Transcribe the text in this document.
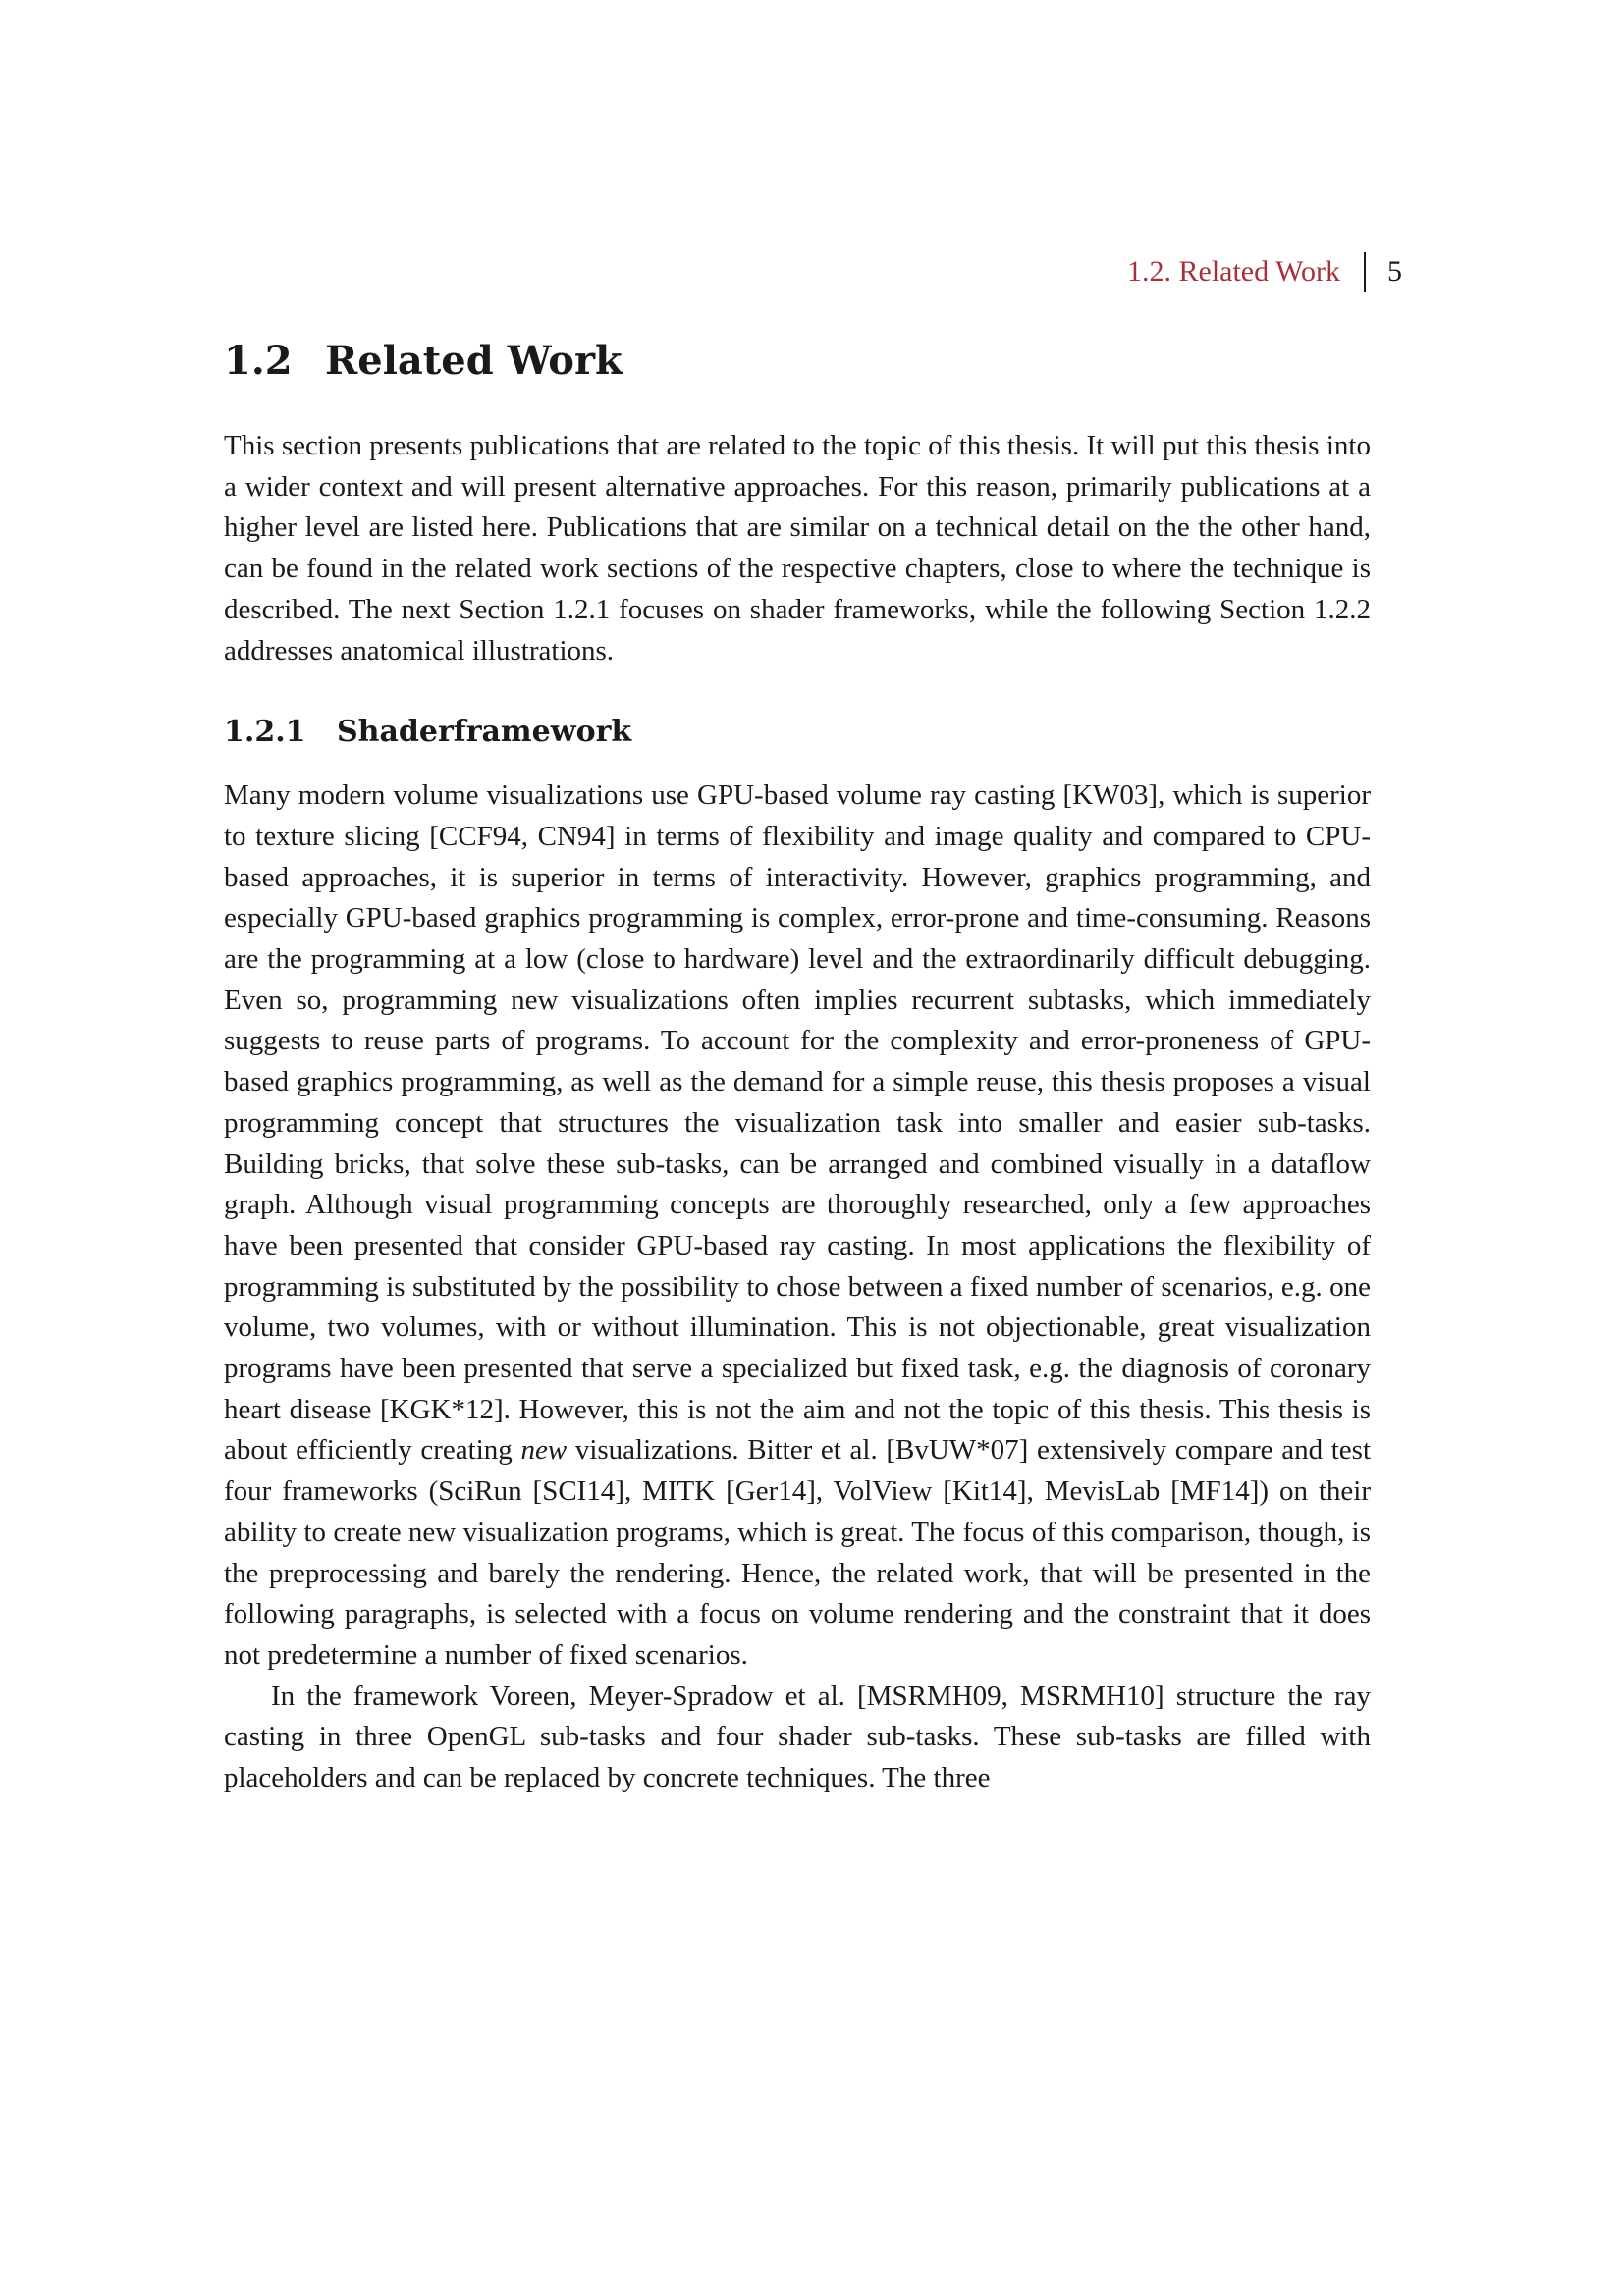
1.2. Related Work 5
1.2 Related Work

This section presents publications that are related to the topic of this thesis. It will put this thesis into a wider context and will present alternative approaches. For this reason, primarily publications at a higher level are listed here. Publications that are similar on a technical detail on the the other hand, can be found in the related work sections of the respective chapters, close to where the technique is described. The next Section 1.2.1 focuses on shader frameworks, while the following Section 1.2.2 addresses anatomical illustrations.

1.2.1 Shaderframework

Many modern volume visualizations use GPU-based volume ray casting [KW03], which is superior to texture slicing [CCF94, CN94] in terms of flexibility and image quality and compared to CPU-based approaches, it is superior in terms of interactivity. However, graphics programming, and especially GPU-based graphics programming is complex, error-prone and time-consuming. Reasons are the programming at a low (close to hardware) level and the extraordinarily difficult debugging. Even so, programming new visualizations often implies recurrent subtasks, which immediately suggests to reuse parts of programs. To account for the complexity and error-proneness of GPU-based graphics programming, as well as the demand for a simple reuse, this thesis proposes a visual programming concept that structures the visualization task into smaller and easier sub-tasks. Building bricks, that solve these sub-tasks, can be arranged and combined visually in a dataflow graph. Although visual programming concepts are thoroughly researched, only a few approaches have been presented that consider GPU-based ray casting. In most applications the flexibility of programming is substituted by the possibility to chose between a fixed number of scenarios, e.g. one volume, two volumes, with or without illumination. This is not objectionable, great visualization programs have been presented that serve a specialized but fixed task, e.g. the diagnosis of coronary heart disease [KGK*12]. However, this is not the aim and not the topic of this thesis. This thesis is about efficiently creating new visualizations. Bitter et al. [BvUW*07] extensively compare and test four frameworks (SciRun [SCI14], MITK [Ger14], VolView [Kit14], MevisLab [MF14]) on their ability to create new visualization programs, which is great. The focus of this comparison, though, is the preprocessing and barely the rendering. Hence, the related work, that will be presented in the following paragraphs, is selected with a focus on volume rendering and the constraint that it does not predetermine a number of fixed scenarios.

In the framework Voreen, Meyer-Spradow et al. [MSRMH09, MSRMH10] structure the ray casting in three OpenGL sub-tasks and four shader sub-tasks. These sub-tasks are filled with placeholders and can be replaced by concrete techniques. The three
